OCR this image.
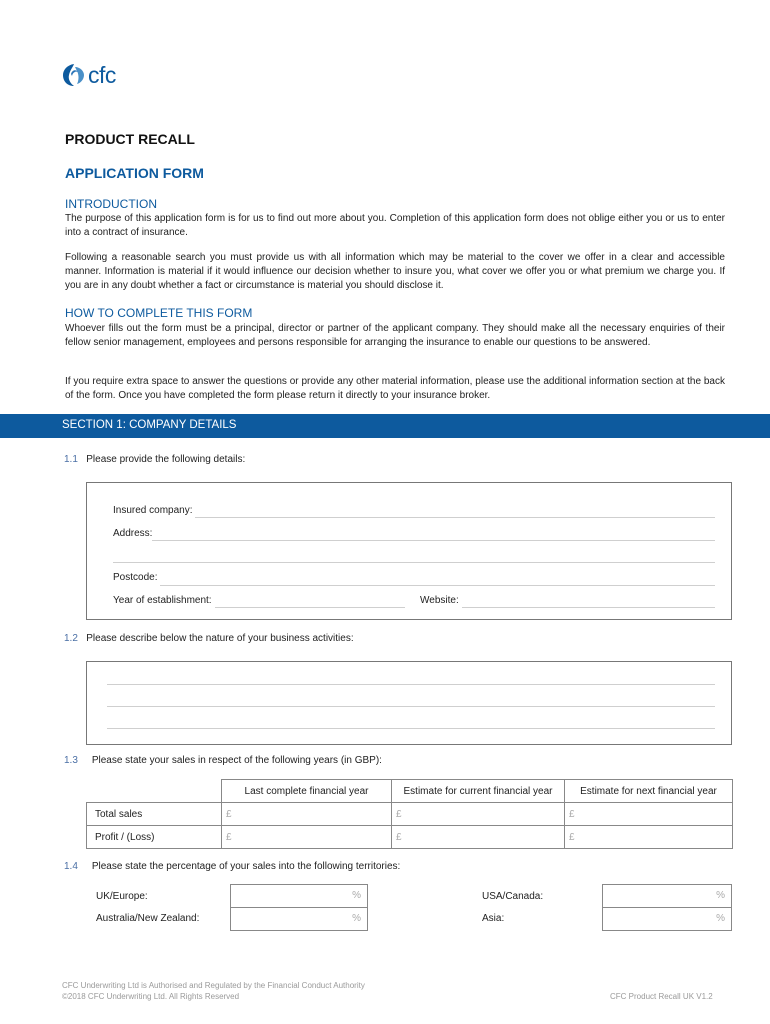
cfc
PRODUCT RECALL
APPLICATION FORM
INTRODUCTION
The purpose of this application form is for us to find out more about you. Completion of this application form does not oblige either you or us to enter into a contract of insurance.
Following a reasonable search you must provide us with all information which may be material to the cover we offer in a clear and accessible manner. Information is material if it would influence our decision whether to insure you, what cover we offer you or what premium we charge you. If you are in any doubt whether a fact or circumstance is material you should disclose it.
HOW TO COMPLETE THIS FORM
Whoever fills out the form must be a principal, director or partner of the applicant company. They should make all the necessary enquiries of their fellow senior management, employees and persons responsible for arranging the insurance to enable our questions to be answered.
If you require extra space to answer the questions or provide any other material information, please use the additional information section at the back of the form. Once you have completed the form please return it directly to your insurance broker.
SECTION 1: COMPANY DETAILS
1.1 Please provide the following details:
Insured company:
Address:
Postcode:
Year of establishment:	Website:
1.2 Please describe below the nature of your business activities:
1.3 Please state your sales in respect of the following years (in GBP):
	Last complete financial year	Estimate for current financial year	Estimate for next financial year
Total sales	£	£	£
Profit / (Loss)	£	£	£
1.4 Please state the percentage of your sales into the following territories:
UK/Europe:	%
Australia/New Zealand:	%
USA/Canada:	%
Asia:	%
CFC Underwriting Ltd is Authorised and Regulated by the Financial Conduct Authority
©2018 CFC Underwriting Ltd. All Rights Reserved	CFC Product Recall UK V1.2
